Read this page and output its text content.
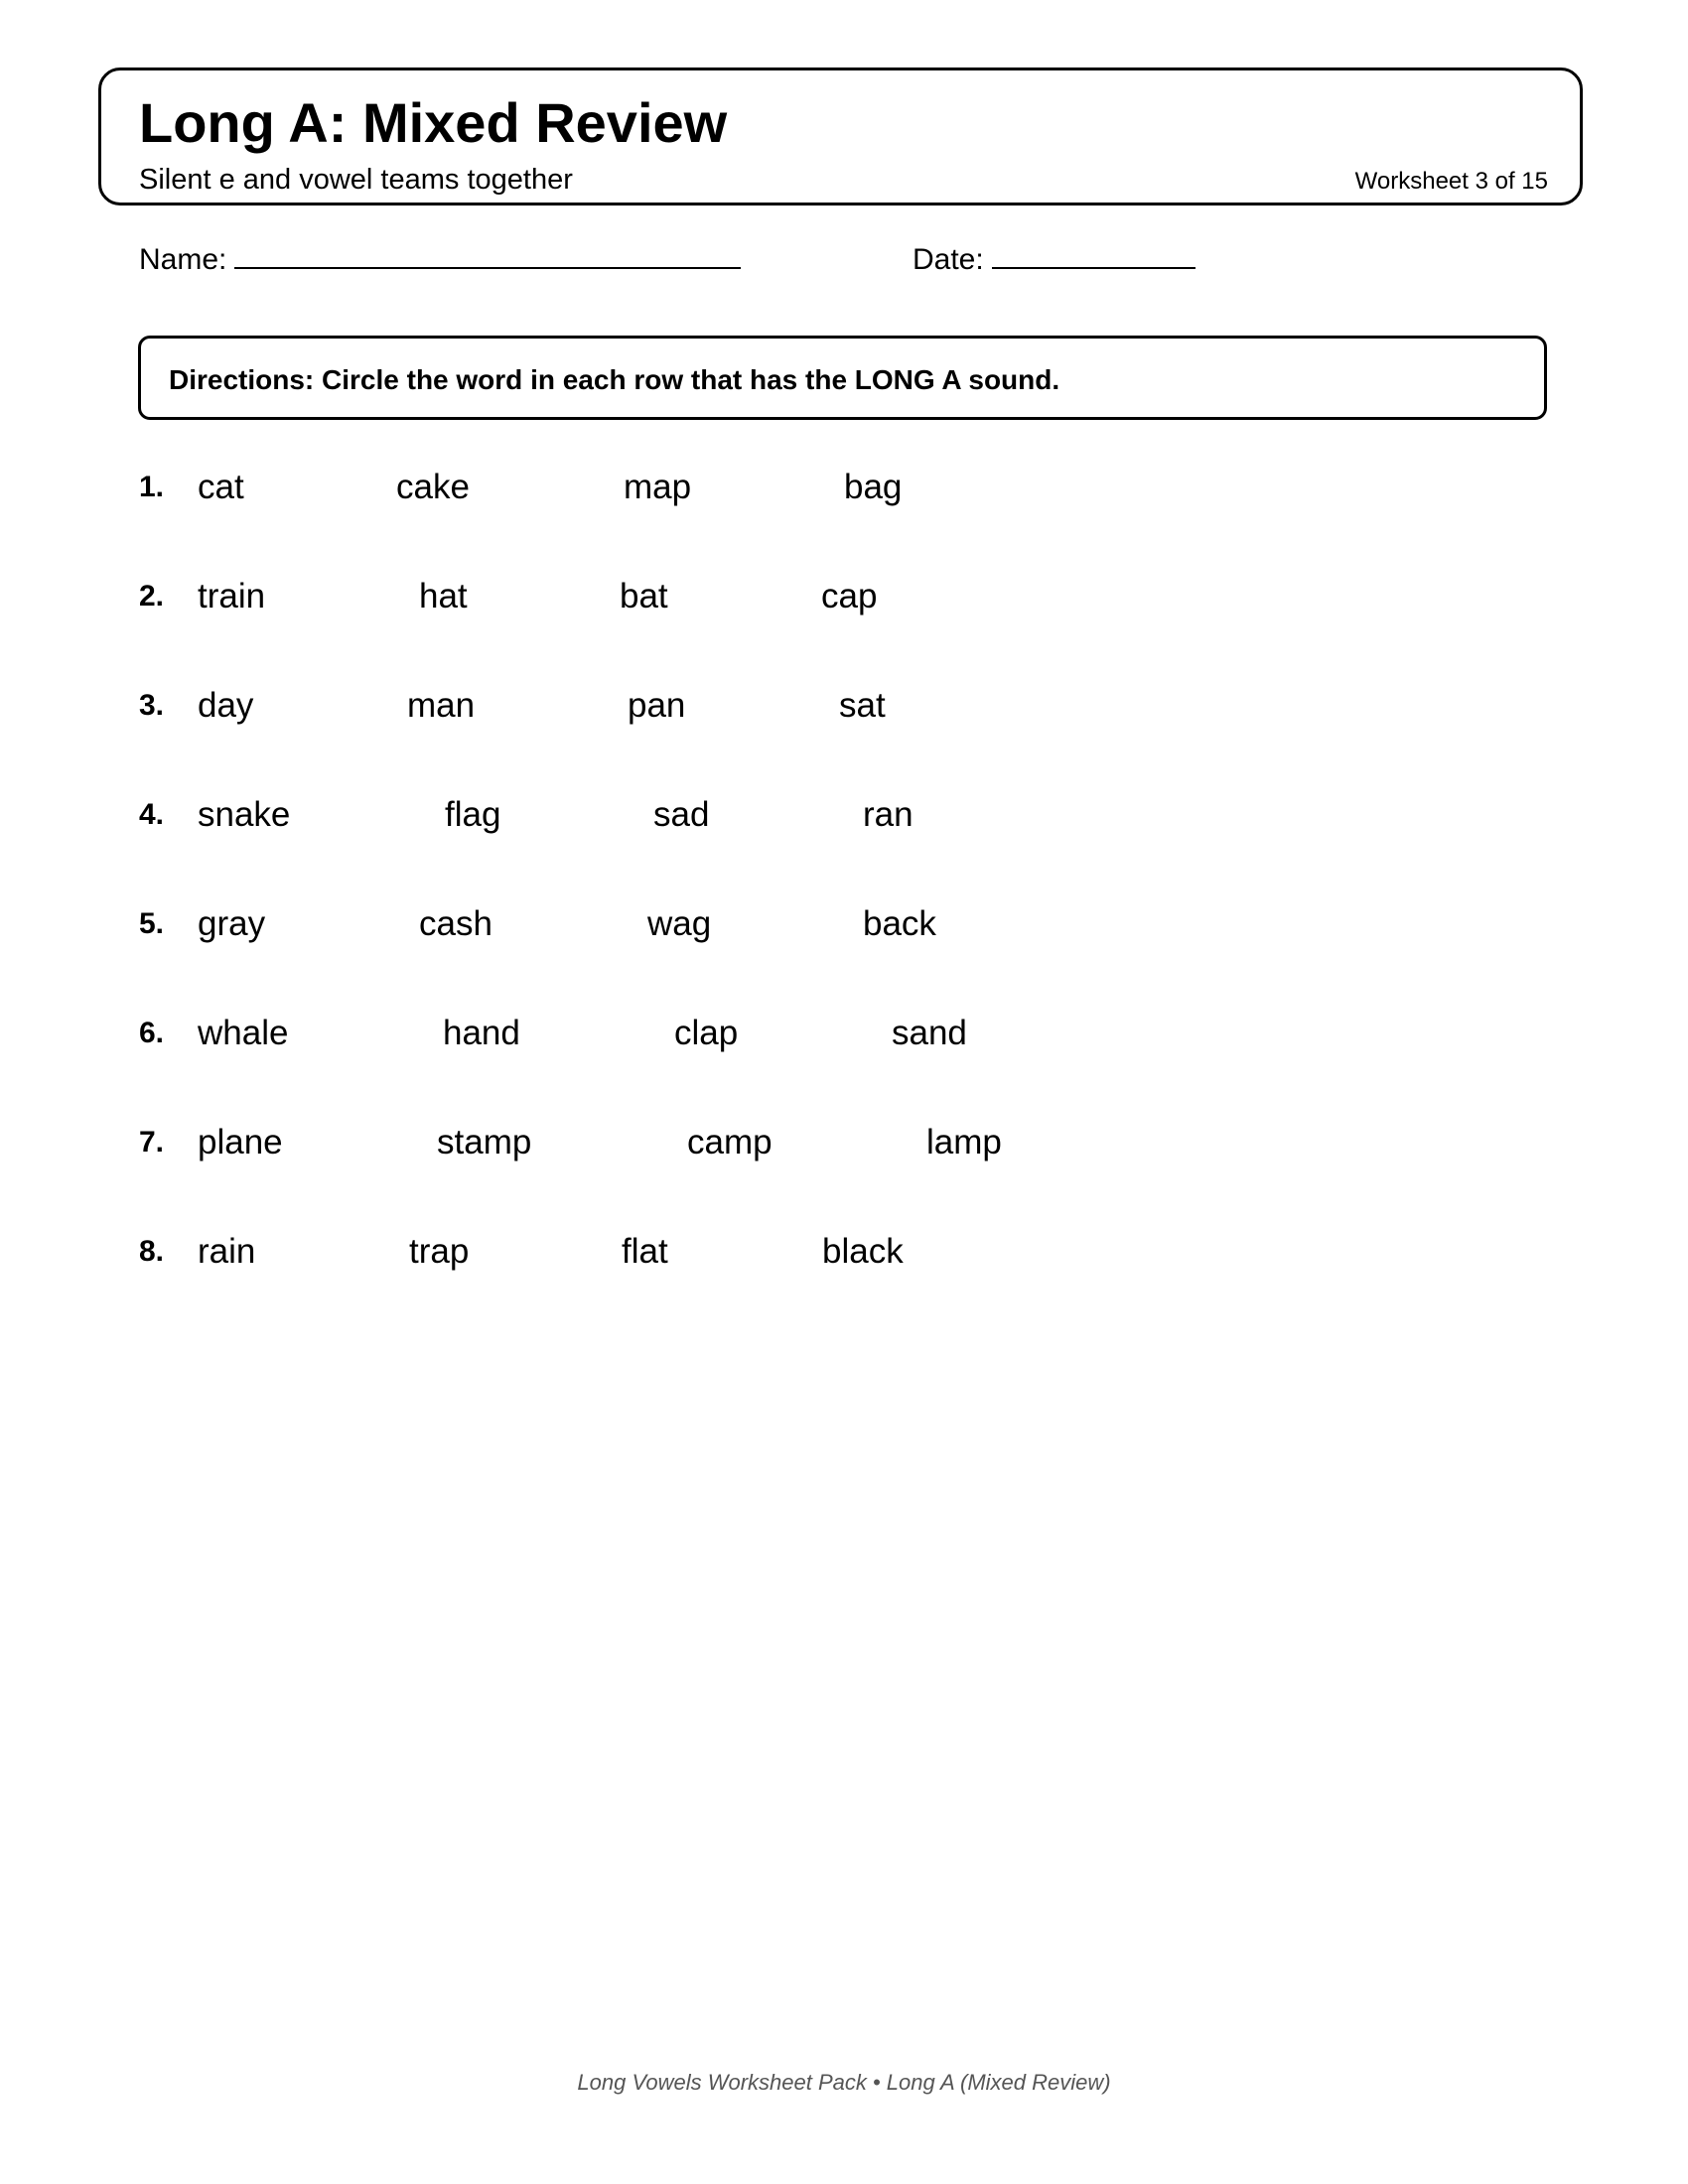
Long A: Mixed Review
Silent e and vowel teams together	Worksheet 3 of 15
Name:	Date:
Directions: Circle the word in each row that has the LONG A sound.
1. cat	cake	map	bag
2. train	hat	bat	cap
3. day	man	pan	sat
4. snake	flag	sad	ran
5. gray	cash	wag	back
6. whale	hand	clap	sand
7. plane	stamp	camp	lamp
8. rain	trap	flat	black
Long Vowels Worksheet Pack • Long A (Mixed Review)
